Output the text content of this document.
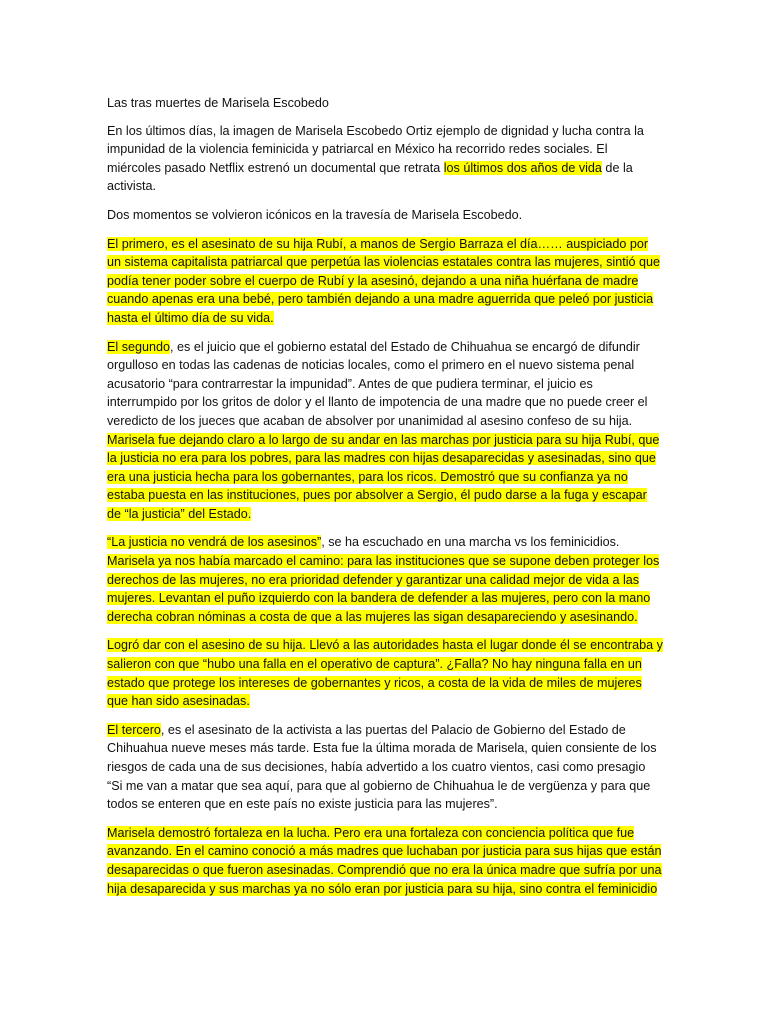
Las tras muertes de Marisela Escobedo

En los últimos días, la imagen de Marisela Escobedo Ortiz ejemplo de dignidad y lucha contra la impunidad de la violencia feminicida y patriarcal en México ha recorrido redes sociales. El miércoles pasado Netflix estrenó un documental que retrata los últimos dos años de vida de la activista.

Dos momentos se volvieron icónicos en la travesía de Marisela Escobedo.

El primero, es el asesinato de su hija Rubí, a manos de Sergio Barraza el día…… auspiciado por un sistema capitalista patriarcal que perpetúa las violencias estatales contra las mujeres, sintió que podía tener poder sobre el cuerpo de Rubí y la asesinó, dejando a una niña huérfana de madre cuando apenas era una bebé, pero también dejando a una madre aguerrida que peleó por justicia hasta el último día de su vida.

El segundo, es el juicio que el gobierno estatal del Estado de Chihuahua se encargó de difundir orgulloso en todas las cadenas de noticias locales, como el primero en el nuevo sistema penal acusatorio “para contrarrestar la impunidad”. Antes de que pudiera terminar, el juicio es interrumpido por los gritos de dolor y el llanto de impotencia de una madre que no puede creer el veredicto de los jueces que acaban de absolver por unanimidad al asesino confeso de su hija. Marisela fue dejando claro a lo largo de su andar en las marchas por justicia para su hija Rubí, que la justicia no era para los pobres, para las madres con hijas desaparecidas y asesinadas, sino que era una justicia hecha para los gobernantes, para los ricos. Demostró que su confianza ya no estaba puesta en las instituciones, pues por absolver a Sergio, él pudo darse a la fuga y escapar de “la justicia” del Estado.

“La justicia no vendrá de los asesinos”, se ha escuchado en una marcha vs los feminicidios. Marisela ya nos había marcado el camino: para las instituciones que se supone deben proteger los derechos de las mujeres, no era prioridad defender y garantizar una calidad mejor de vida a las mujeres. Levantan el puño izquierdo con la bandera de defender a las mujeres, pero con la mano derecha cobran nóminas a costa de que a las mujeres las sigan desapareciendo y asesinando.

Logró dar con el asesino de su hija. Llevó a las autoridades hasta el lugar donde él se encontraba y salieron con que “hubo una falla en el operativo de captura”. ¿Falla? No hay ninguna falla en un estado que protege los intereses de gobernantes y ricos, a costa de la vida de miles de mujeres que han sido asesinadas.

El tercero, es el asesinato de la activista a las puertas del Palacio de Gobierno del Estado de Chihuahua nueve meses más tarde. Esta fue la última morada de Marisela, quien consiente de los riesgos de cada una de sus decisiones, había advertido a los cuatro vientos, casi como presagio “Si me van a matar que sea aquí, para que al gobierno de Chihuahua le de vergüenza y para que todos se enteren que en este país no existe justicia para las mujeres”.

Marisela demostró fortaleza en la lucha. Pero era una fortaleza con conciencia política que fue avanzando. En el camino conoció a más madres que luchaban por justicia para sus hijas que están desaparecidas o que fueron asesinadas. Comprendió que no era la única madre que sufría por una hija desaparecida y sus marchas ya no sólo eran por justicia para su hija, sino contra el feminicidio
